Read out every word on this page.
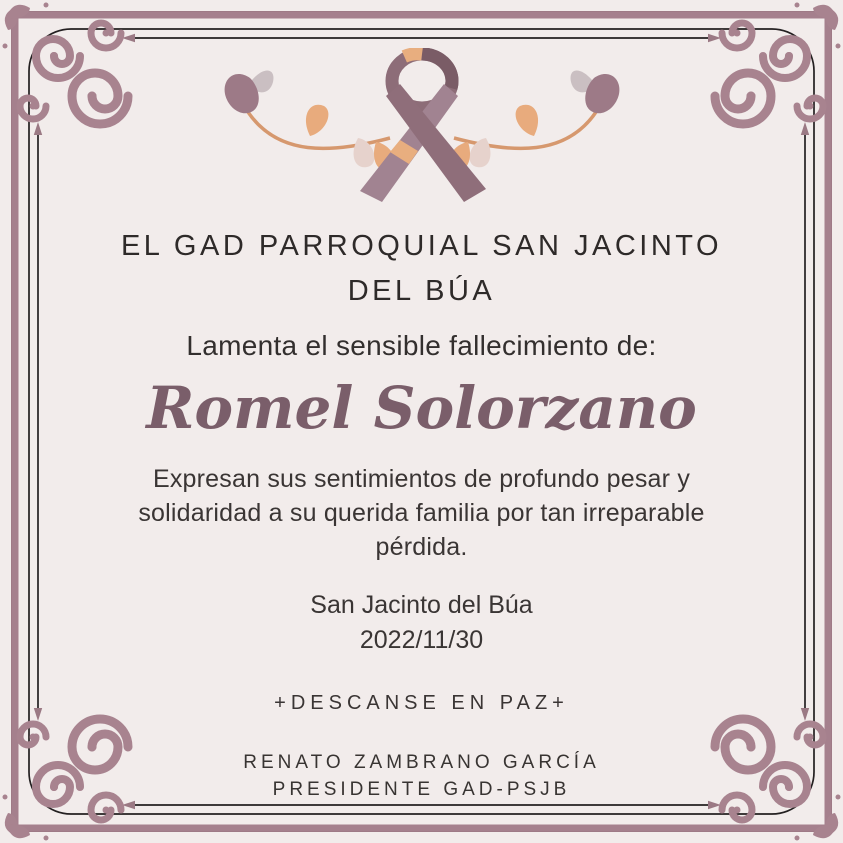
EL GAD PARROQUIAL SAN JACINTO
DEL BÚA
Lamenta el sensible fallecimiento de:
Romel Solorzano
Expresan sus sentimientos de profundo pesar y
solidaridad a su querida familia por tan irreparable
pérdida.
San Jacinto del Búa
2022/11/30
+DESCANSE EN PAZ+
RENATO ZAMBRANO GARCÍA
PRESIDENTE GAD-PSJB
